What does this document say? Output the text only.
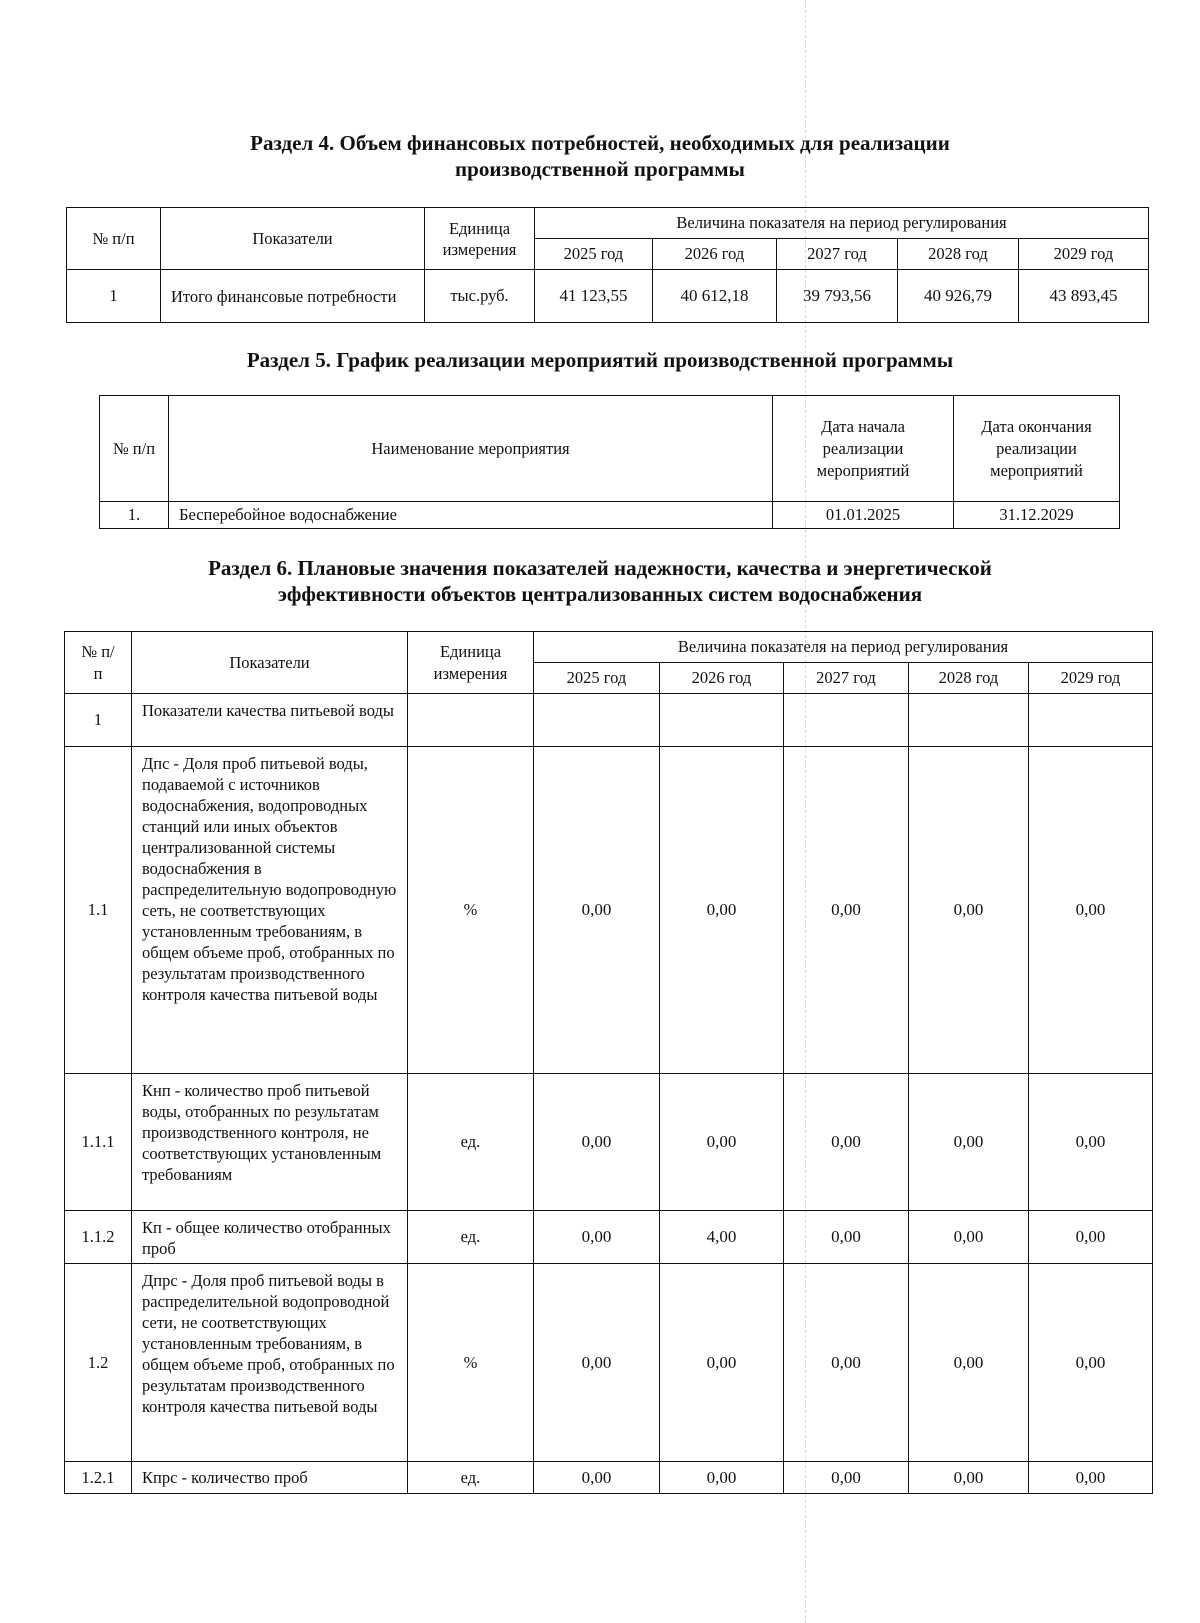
Раздел 4. Объем финансовых потребностей, необходимых для реализации
производственной программы
№ п/п	Показатели	Единица измерения	Величина показателя на период регулирования				
			2025 год	2026 год	2027 год	2028 год	2029 год
1	Итого финансовые потребности	тыс.руб.	41 123,55	40 612,18	39 793,56	40 926,79	43 893,45
Раздел 5. График реализации мероприятий производственной программы
№ п/п	Наименование мероприятия	Дата начала реализации мероприятий	Дата окончания реализации мероприятий
1.	Бесперебойное водоснабжение	01.01.2025	31.12.2029
Раздел 6. Плановые значения показателей надежности, качества и энергетической
эффективности объектов централизованных систем водоснабжения
№ п/п	Показатели	Единица измерения	Величина показателя на период регулирования				
			2025 год	2026 год	2027 год	2028 год	2029 год
1	Показатели качества питьевой воды						
1.1	Дпс - Доля проб питьевой воды, подаваемой с источников водоснабжения, водопроводных станций или иных объектов централизованной системы водоснабжения в распределительную водопроводную сеть, не соответствующих установленным требованиям, в общем объеме проб, отобранных по результатам производственного контроля качества питьевой воды	%	0,00	0,00	0,00	0,00	0,00
1.1.1	Кнп - количество проб питьевой воды, отобранных по результатам производственного контроля, не соответствующих установленным требованиям	ед.	0,00	0,00	0,00	0,00	0,00
1.1.2	Кп - общее количество отобранных проб	ед.	0,00	4,00	0,00	0,00	0,00
1.2	Дпрс - Доля проб питьевой воды в распределительной водопроводной сети, не соответствующих установленным требованиям, в общем объеме проб, отобранных по результатам производственного контроля качества питьевой воды	%	0,00	0,00	0,00	0,00	0,00
1.2.1	Кпрс - количество проб	ед.	0,00	0,00	0,00	0,00	0,00
